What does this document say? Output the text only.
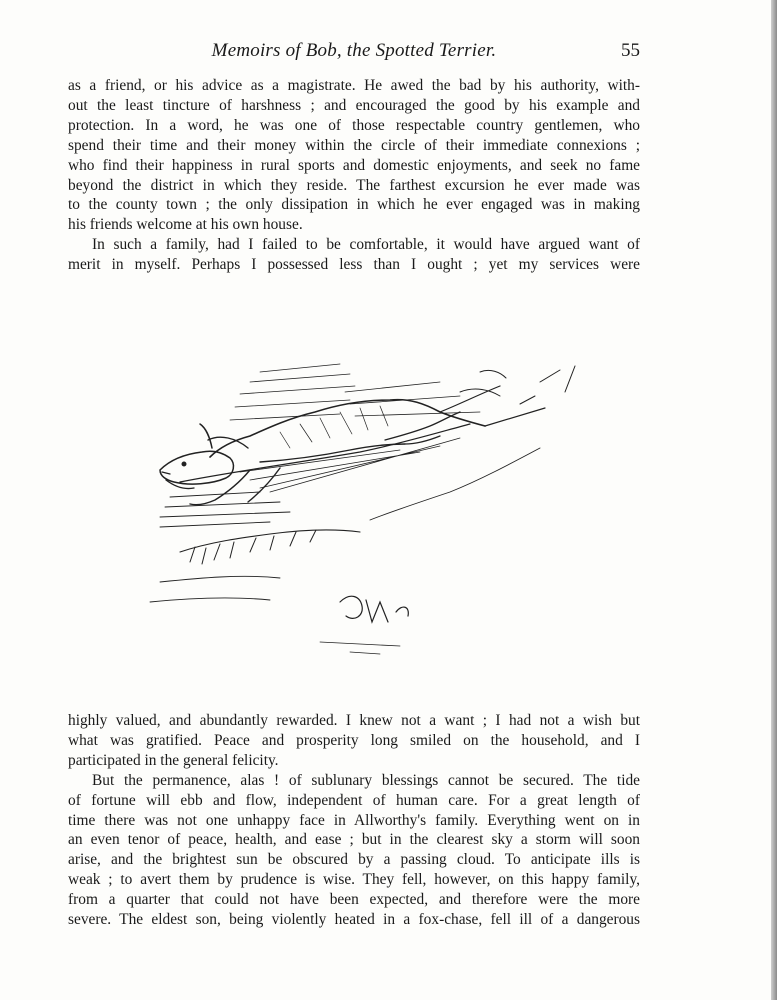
Memoirs of Bob, the Spotted Terrier.	55
as a friend, or his advice as a magistrate. He awed the bad by his authority, with-
out the least tincture of harshness ; and encouraged the good by his example and
protection. In a word, he was one of those respectable country gentlemen, who
spend their time and their money within the circle of their immediate connexions ;
who find their happiness in rural sports and domestic enjoyments, and seek no fame
beyond the district in which they reside. The farthest excursion he ever made was
to the county town ; the only dissipation in which he ever engaged was in making
his friends welcome at his own house.
In such a family, had I failed to be comfortable, it would have argued want of
merit in myself. Perhaps I possessed less than I ought ; yet my services were
highly valued, and abundantly rewarded. I knew not a want ; I had not a wish but
what was gratified. Peace and prosperity long smiled on the household, and I
participated in the general felicity.
But the permanence, alas ! of sublunary blessings cannot be secured. The tide
of fortune will ebb and flow, independent of human care. For a great length of
time there was not one unhappy face in Allworthy's family. Everything went on in
an even tenor of peace, health, and ease ; but in the clearest sky a storm will soon
arise, and the brightest sun be obscured by a passing cloud. To anticipate ills is
weak ; to avert them by prudence is wise. They fell, however, on this happy family,
from a quarter that could not have been expected, and therefore were the more
severe. The eldest son, being violently heated in a fox-chase, fell ill of a dangerous
